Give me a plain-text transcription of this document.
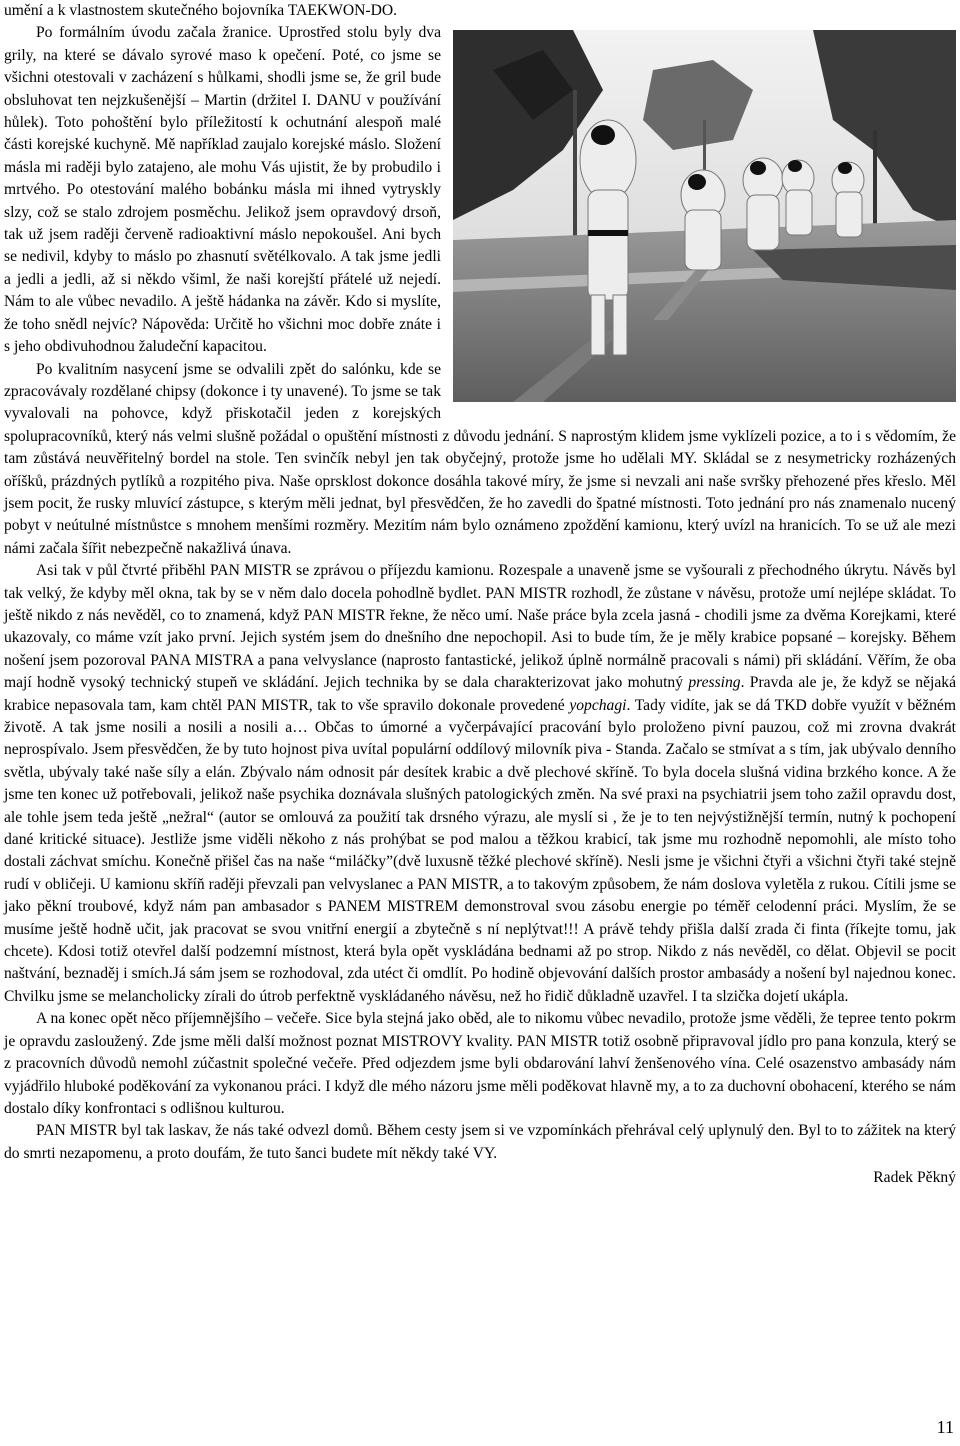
umění a k vlastnostem skutečného bojovníka TAEKWON-DO.

Po formálním úvodu začala žranice. Uprostřed stolu byly dva grily, na které se dávalo syrové maso k opečení. Poté, co jsme se všichni otestovali v zacházení s hůlkami, shodli jsme se, že gril bude obsluhovat ten nejzkušenější – Martin (držitel I. DANU v používání hůlek). Toto pohoštění bylo příležitostí k ochutnání alespoň malé části korejské kuchyně. Mě například zaujalo korejské máslo. Složení másla mi raději bylo zatajeno, ale mohu Vás ujistit, že by probudilo i mrtvého. Po otestování malého bobánku másla mi ihned vytryskly slzy, což se stalo zdrojem posměchu. Jelikož jsem opravdový drsoň, tak už jsem raději červeně radioaktivní máslo nepokoušel. Ani bych se nedivil, kdyby to máslo po zhasnutí světélkovalo. A tak jsme jedli a jedli a jedli, až si někdo všiml, že naši korejští přátelé už nejedí. Nám to ale vůbec nevadilo. A ještě hádanka na závěr. Kdo si myslíte, že toho snědl nejvíc? Nápověda: Určitě ho všichni moc dobře znáte i s jeho obdivuhodnou žaludeční kapacitou.

Po kvalitním nasycení jsme se odvalili zpět do salónku, kde se zpracovávaly rozdělané chipsy (dokonce i ty unavené). To jsme se tak vyvalovali na pohovce, když přiskotačil jeden z korejských spolupracovníků, který nás velmi slušně požádal o opuštění místnosti z důvodu jednání. S naprostým klidem jsme vyklízeli pozice, a to i s vědomím, že tam zůstává neuvěřitelný bordel na stole. Ten svinčík nebyl jen tak obyčejný, protože jsme ho udělali MY. Skládal se z nesymetricky rozházených oříšků, prázdných pytlíků a rozpitého piva. Naše oprsklost dokonce dosáhla takové míry, že jsme si nevzali ani naše svršky přehozené přes křeslo. Měl jsem pocit, že rusky mluvící zástupce, s kterým měli jednat, byl přesvědčen, že ho zavedli do špatné místnosti. Toto jednání pro nás znamenalo nucený pobyt v neútulné místnůstce s mnohem menšími rozměry. Mezitím nám bylo oznámeno zpoždění kamionu, který uvízl na hranicích. To se už ale mezi námi začala šířit nebezpečně nakažlivá únava.

Asi tak v půl čtvrté přiběhl PAN MISTR se zprávou o příjezdu kamionu. Rozespale a unaveně jsme se vyšourali z přechodného úkrytu. Návěs byl tak velký, že kdyby měl okna, tak by se v něm dalo docela pohodlně bydlet. PAN MISTR rozhodl, že zůstane v návěsu, protože umí nejlépe skládat. To ještě nikdo z nás nevěděl, co to znamená, když PAN MISTR řekne, že něco umí. Naše práce byla zcela jasná - chodili jsme za dvěma Korejkami, které ukazovaly, co máme vzít jako první. Jejich systém jsem do dnešního dne nepochopil. Asi to bude tím, že je měly krabice popsané – korejsky. Během nošení jsem pozoroval PANA MISTRA a pana velvyslance (naprosto fantastické, jelikož úplně normálně pracovali s námi) při skládání. Věřím, že oba mají hodně vysoký technický stupeň ve skládání. Jejich technika by se dala charakterizovat jako mohutný pressing. Pravda ale je, že když se nějaká krabice nepasovala tam, kam chtěl PAN MISTR, tak to vše spravilo dokonale provedené yopchagi. Tady vidíte, jak se dá TKD dobře využít v běžném životě. A tak jsme nosili a nosili a nosili a… Občas to úmorné a vyčerpávající pracování bylo proloženo pivní pauzou, což mi zrovna dvakrát neprospívalo. Jsem přesvědčen, že by tuto hojnost piva uvítal populární oddílový milovník piva - Standa. Začalo se stmívat a s tím, jak ubývalo denního světla, ubývaly také naše síly a elán. Zbývalo nám odnosit pár desítek krabic a dvě plechové skříně. To byla docela slušná vidina brzkého konce. A že jsme ten konec už potřebovali, jelikož naše psychika doznávala slušných patologických změn. Na své praxi na psychiatrii jsem toho zažil opravdu dost, ale tohle jsem teda ještě „nežral“ (autor se omlouvá za použití tak drsného výrazu, ale myslí si , že je to ten nejvýstižnější termín, nutný k pochopení dané kritické situace). Jestliže jsme viděli někoho z nás prohýbat se pod malou a těžkou krabicí, tak jsme mu rozhodně nepomohli, ale místo toho dostali záchvat smíchu. Konečně přišel čas na naše “miláčky”(dvě luxusně těžké plechové skříně). Nesli jsme je všichni čtyři a všichni čtyři také stejně rudí v obličeji. U kamionu skříň raději převzali pan velvyslanec a PAN MISTR, a to takovým způsobem, že nám doslova vyletěla z rukou. Cítili jsme se jako pěkní troubové, když nám pan ambasador s PANEM MISTREM demonstroval svou zásobu energie po téměř celodenní práci. Myslím, že se musíme ještě hodně učit, jak pracovat se svou vnitřní energií a zbytečně s ní neplýtvat!!! A právě tehdy přišla další zrada či finta (říkejte tomu, jak chcete). Kdosi totiž otevřel další podzemní místnost, která byla opět vyskládána bednami až po strop. Nikdo z nás nevěděl, co dělat. Objevil se pocit naštvání, beznaděj i smích.Já sám jsem se rozhodoval, zda utéct či omdlít. Po hodině objevování dalších prostor ambasády a nošení byl najednou konec. Chvilku jsme se melancholicky zírali do útrob perfektně vyskládaného návěsu, než ho řidič důkladně uzavřel. I ta slzička dojetí ukápla.

A na konec opět něco příjemnějšího – večeře. Sice byla stejná jako oběd, ale to nikomu vůbec nevadilo, protože jsme věděli, že tepree tento pokrm je opravdu zasloužený. Zde jsme měli další možnost poznat MISTROVY kvality. PAN MISTR totiž osobně připravoval jídlo pro pana konzula, který se z pracovních důvodů nemohl zúčastnit společné večeře. Před odjezdem jsme byli obdarování lahví ženšenového vína. Celé osazenstvo ambasády nám vyjádřilo hluboké poděkování za vykonanou práci. I když dle mého názoru jsme měli poděkovat hlavně my, a to za duchovní obohacení, kterého se nám dostalo díky konfrontaci s odlišnou kulturou.

PAN MISTR byl tak laskav, že nás také odvezl domů. Během cesty jsem si ve vzpomínkách přehrával celý uplynulý den. Byl to to zážitek na který do smrti nezapomenu, a proto doufám, že tuto šanci budete mít někdy také VY.

Radek Pěkný

11
